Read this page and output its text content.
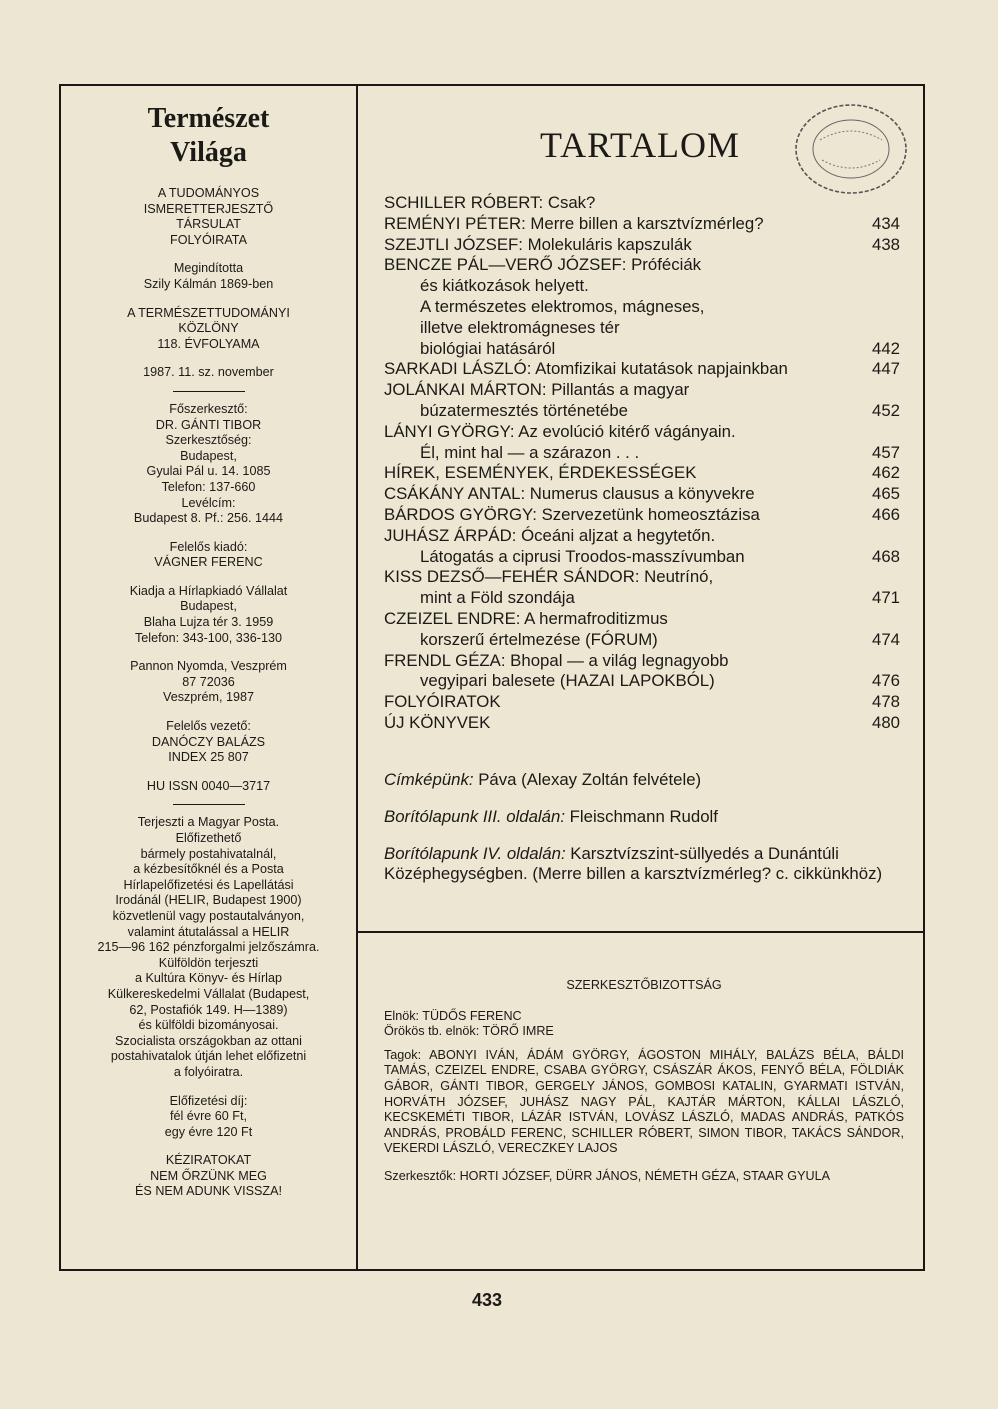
Természet
Világa
A TUDOMÁNYOS
ISMERETTERJESZTŐ
TÁRSULAT
FOLYÓIRATA
Megindította
Szily Kálmán 1869-ben
A TERMÉSZETTUDOMÁNYI
KÖZLÖNY
118. ÉVFOLYAMA
1987. 11. sz. november
Főszerkesztő:
DR. GÁNTI TIBOR
Szerkesztőség:
Budapest,
Gyulai Pál u. 14. 1085
Telefon: 137-660
Levélcím:
Budapest 8. Pf.: 256. 1444
Felelős kiadó:
VÁGNER FERENC
Kiadja a Hírlapkiadó Vállalat
Budapest,
Blaha Lujza tér 3. 1959
Telefon: 343-100, 336-130
Pannon Nyomda, Veszprém
87 72036
Veszprém, 1987
Felelős vezető:
DANÓCZY BALÁZS
INDEX 25 807
HU ISSN 0040—3717
Terjeszti a Magyar Posta.
Előfizethető
bármely postahivatalnál,
a kézbesítőknél és a Posta
Hírlapelőfizetési és Lapellátási
Irodánál (HELIR, Budapest 1900)
közvetlenül vagy postautalványon,
valamint átutalással a HELIR
215—96 162 pénzforgalmi jelzőszámra.
Külföldön terjeszti
a Kultúra Könyv- és Hírlap
Külkereskedelmi Vállalat (Budapest,
62, Postafiók 149. H—1389)
és külföldi bizományosai.
Szocialista országokban az ottani
postahivatalok útján lehet előfizetni
a folyóiratra.
Előfizetési díj:
fél évre 60 Ft,
egy évre 120 Ft
KÉZIRATOKAT
NEM ŐRZÜNK MEG
ÉS NEM ADUNK VISSZA!
TARTALOM
SCHILLER RÓBERT: Csak?
REMÉNYI PÉTER: Merre billen a karsztvízmérleg?	434
SZEJTLI JÓZSEF: Molekuláris kapszulák	438
BENCZE PÁL—VERŐ JÓZSEF: Próféciák
és kiátkozások helyett.
A természetes elektromos, mágneses,
illetve elektromágneses tér
biológiai hatásáról	442
SARKADI LÁSZLÓ: Atomfizikai kutatások napjainkban	447
JOLÁNKAI MÁRTON: Pillantás a magyar
búzatermesztés történetébe	452
LÁNYI GYÖRGY: Az evolúció kitérő vágányain.
Él, mint hal — a szárazon . . .	457
HÍREK, ESEMÉNYEK, ÉRDEKESSÉGEK	462
CSÁKÁNY ANTAL: Numerus clausus a könyvekre	465
BÁRDOS GYÖRGY: Szervezetünk homeosztázisa	466
JUHÁSZ ÁRPÁD: Óceáni aljzat a hegytetőn.
Látogatás a ciprusi Troodos-masszívumban	468
KISS DEZSŐ—FEHÉR SÁNDOR: Neutrínó,
mint a Föld szondája	471
CZEIZEL ENDRE: A hermafroditizmus
korszerű értelmezése (FÓRUM)	474
FRENDL GÉZA: Bhopal — a világ legnagyobb
vegyipari balesete (HAZAI LAPOKBÓL)	476
FOLYÓIRATOK	478
ÚJ KÖNYVEK	480

Címképünk: Páva (Alexay Zoltán felvétele)

Borítólapunk III. oldalán: Fleischmann Rudolf

Borítólapunk IV. oldalán: Karsztvízszint-süllyedés a Dunántúli Középhegységben. (Merre billen a karsztvízmérleg? c. cikkünkhöz)

SZERKESZTŐBIZOTTSÁG

Elnök: TÜDŐS FERENC

Örökös tb. elnök: TÖRŐ IMRE

Tagok: ABONYI IVÁN, ÁDÁM GYÖRGY, ÁGOSTON MIHÁLY, BALÁZS BÉLA, BÁLDI TAMÁS, CZEIZEL ENDRE, CSABA GYÖRGY, CSÁSZÁR ÁKOS, FENYŐ BÉLA, FÖLDIÁK GÁBOR, GÁNTI TIBOR, GERGELY JÁNOS, GOMBOSI KATALIN, GYARMATI ISTVÁN, HORVÁTH JÓZSEF, JUHÁSZ NAGY PÁL, KAJTÁR MÁRTON, KÁLLAI LÁSZLÓ, KECSKEMÉTI TIBOR, LÁZÁR ISTVÁN, LOVÁSZ LÁSZLÓ, MADAS ANDRÁS, PATKÓS ANDRÁS, PROBÁLD FERENC, SCHILLER RÓBERT, SIMON TIBOR, TAKÁCS SÁNDOR, VEKERDI LÁSZLÓ, VERECZKEY LAJOS

Szerkesztők: HORTI JÓZSEF, DÜRR JÁNOS, NÉMETH GÉZA, STAAR GYULA

433
